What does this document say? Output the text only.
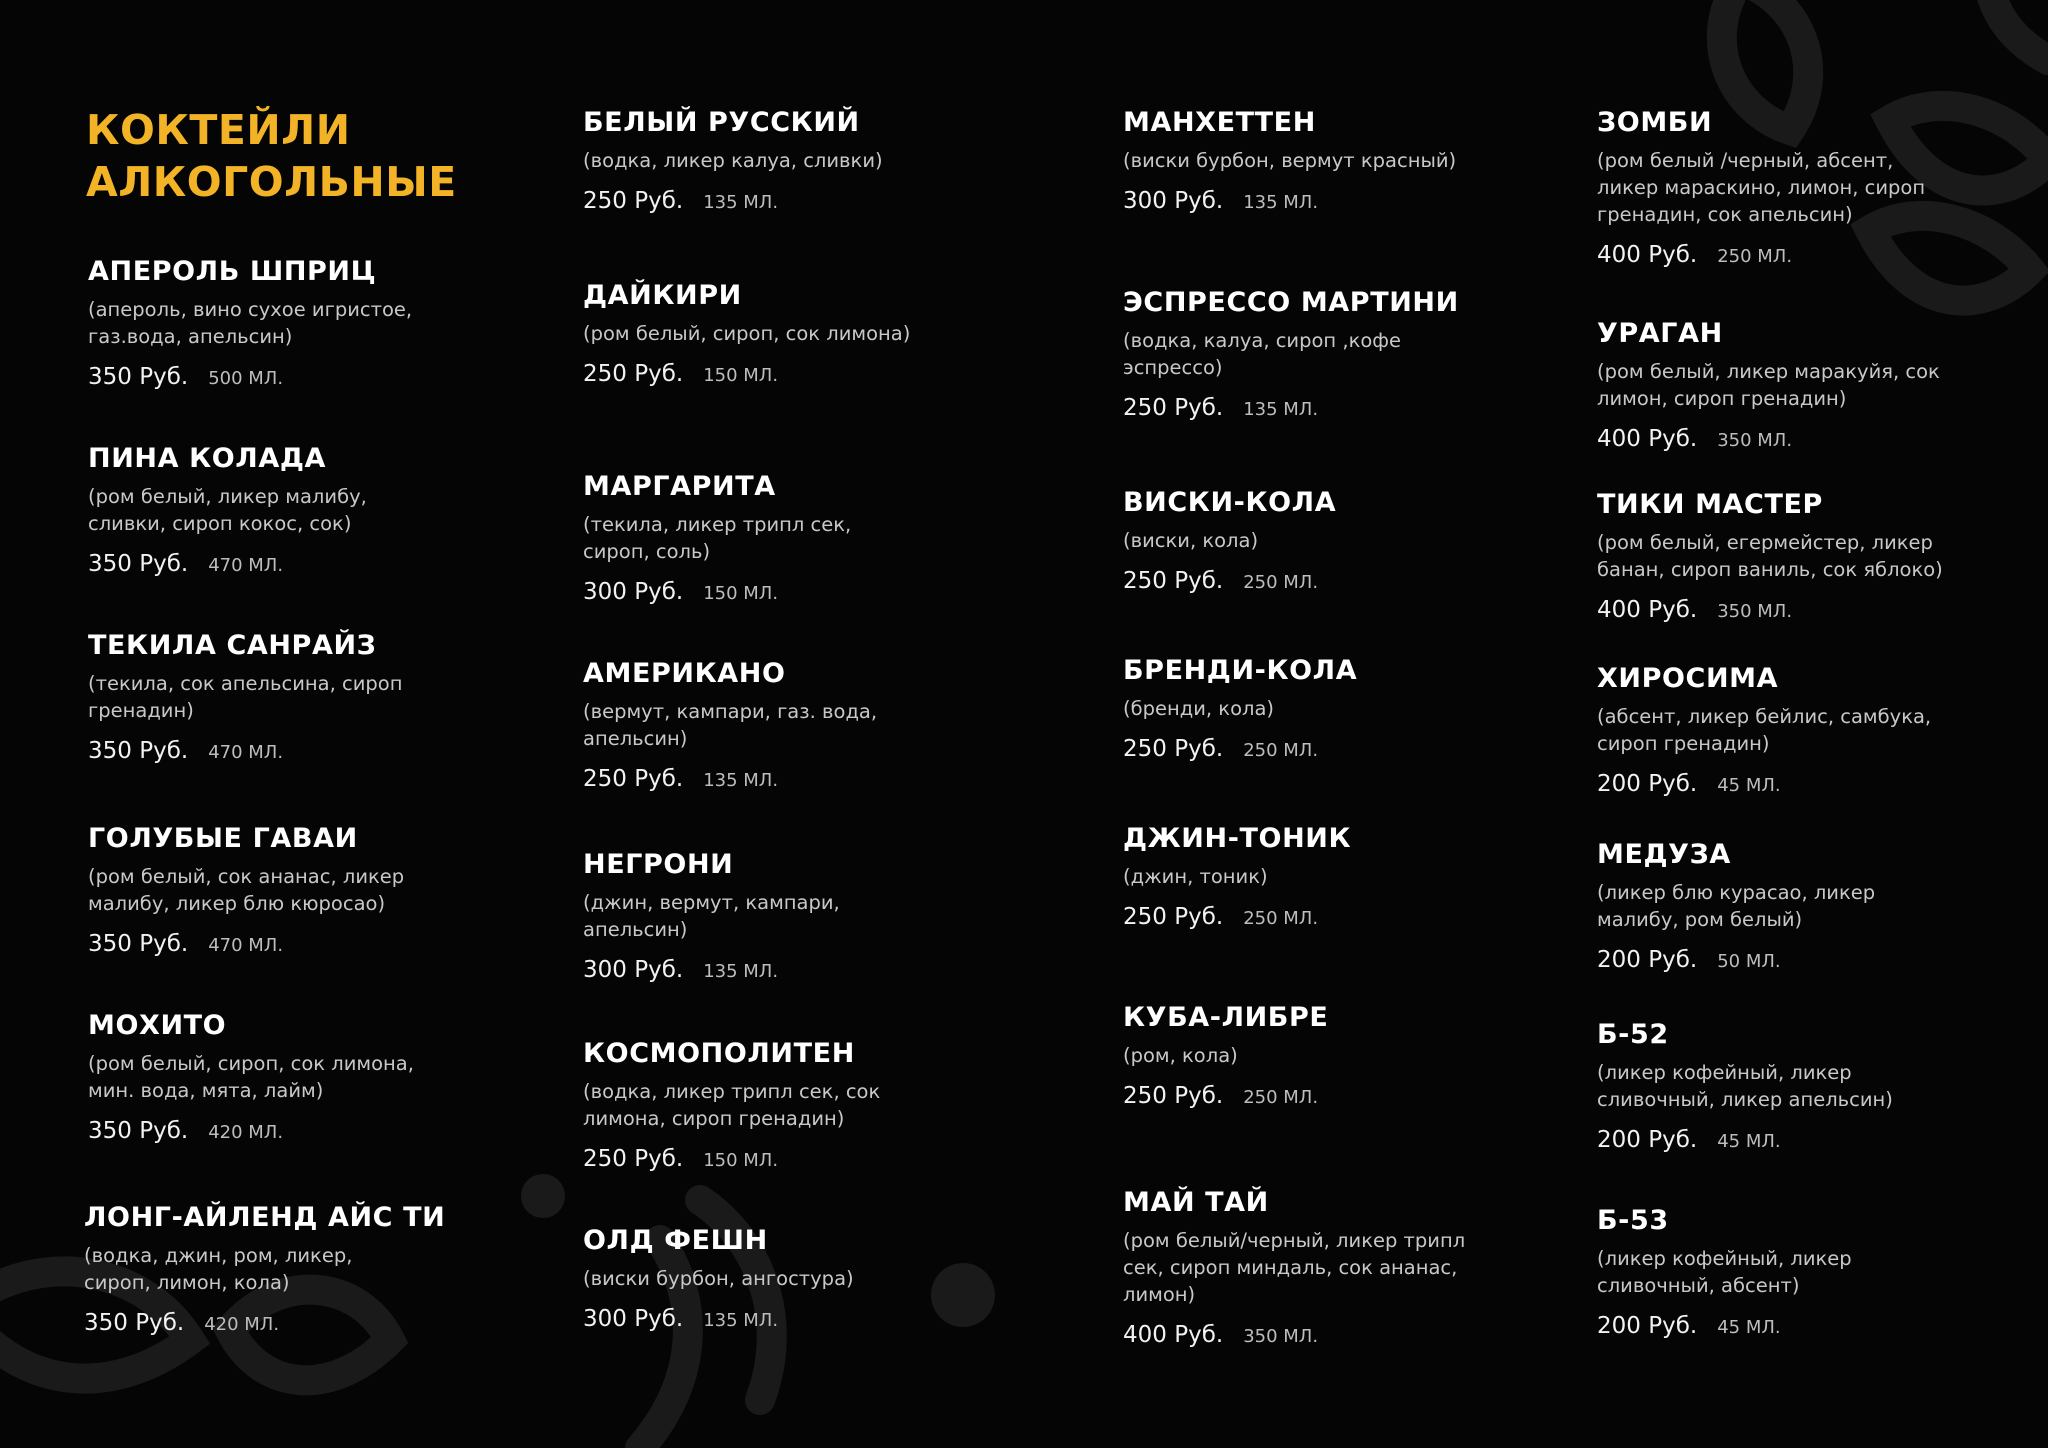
КОКТЕЙЛИ
АЛКОГОЛЬНЫЕ
АПЕРОЛЬ ШПРИЦ
(апероль, вино сухое игристое, газ.вода, апельсин)
350 Руб. 500 МЛ.
ПИНА КОЛАДА
(ром белый, ликер малибу, сливки, сироп кокос, сок)
350 Руб. 470 МЛ.
ТЕКИЛА САНРАЙЗ
(текила, сок апельсина, сироп гренадин)
350 Руб. 470 МЛ.
ГОЛУБЫЕ ГАВАИ
(ром белый, сок ананас, ликер малибу, ликер блю кюросао)
350 Руб. 470 МЛ.
МОХИТО
(ром белый, сироп, сок лимона, мин. вода, мята, лайм)
350 Руб. 420 МЛ.
ЛОНГ-АЙЛЕНД АЙС ТИ
(водка, джин, ром, ликер, сироп, лимон, кола)
350 Руб. 420 МЛ.
БЕЛЫЙ РУССКИЙ
(водка, ликер калуа, сливки)
250 Руб. 135 МЛ.
ДАЙКИРИ
(ром белый, сироп, сок лимона)
250 Руб. 150 МЛ.
МАРГАРИТА
(текила, ликер трипл сек, сироп, соль)
300 Руб. 150 МЛ.
АМЕРИКАНО
(вермут, кампари, газ. вода, апельсин)
250 Руб. 135 МЛ.
НЕГРОНИ
(джин, вермут, кампари, апельсин)
300 Руб. 135 МЛ.
КОСМОПОЛИТЕН
(водка, ликер трипл сек, сок лимона, сироп гренадин)
250 Руб. 150 МЛ.
ОЛД ФЕШН
(виски бурбон, ангостура)
300 Руб. 135 МЛ.
МАНХЕТТЕН
(виски бурбон, вермут красный)
300 Руб. 135 МЛ.
ЭСПРЕССО МАРТИНИ
(водка, калуа, сироп ,кофе эспрессо)
250 Руб. 135 МЛ.
ВИСКИ-КОЛА
(виски, кола)
250 Руб. 250 МЛ.
БРЕНДИ-КОЛА
(бренди, кола)
250 Руб. 250 МЛ.
ДЖИН-ТОНИК
(джин, тоник)
250 Руб. 250 МЛ.
КУБА-ЛИБРЕ
(ром, кола)
250 Руб. 250 МЛ.
МАЙ ТАЙ
(ром белый/черный, ликер трипл сек, сироп миндаль, сок ананас, лимон)
400 Руб. 350 МЛ.
ЗОМБИ
(ром белый /черный, абсент, ликер мараскино, лимон, сироп гренадин, сок апельсин)
400 Руб. 250 МЛ.
УРАГАН
(ром белый, ликер маракуйя, сок лимон, сироп гренадин)
400 Руб. 350 МЛ.
ТИКИ МАСТЕР
(ром белый, егермейстер, ликер банан, сироп ваниль, сок яблоко)
400 Руб. 350 МЛ.
ХИРОСИМА
(абсент, ликер бейлис, самбука, сироп гренадин)
200 Руб. 45 МЛ.
МЕДУЗА
(ликер блю курасао, ликер малибу, ром белый)
200 Руб. 50 МЛ.
Б-52
(ликер кофейный, ликер сливочный, ликер апельсин)
200 Руб. 45 МЛ.
Б-53
(ликер кофейный, ликер сливочный, абсент)
200 Руб. 45 МЛ.
